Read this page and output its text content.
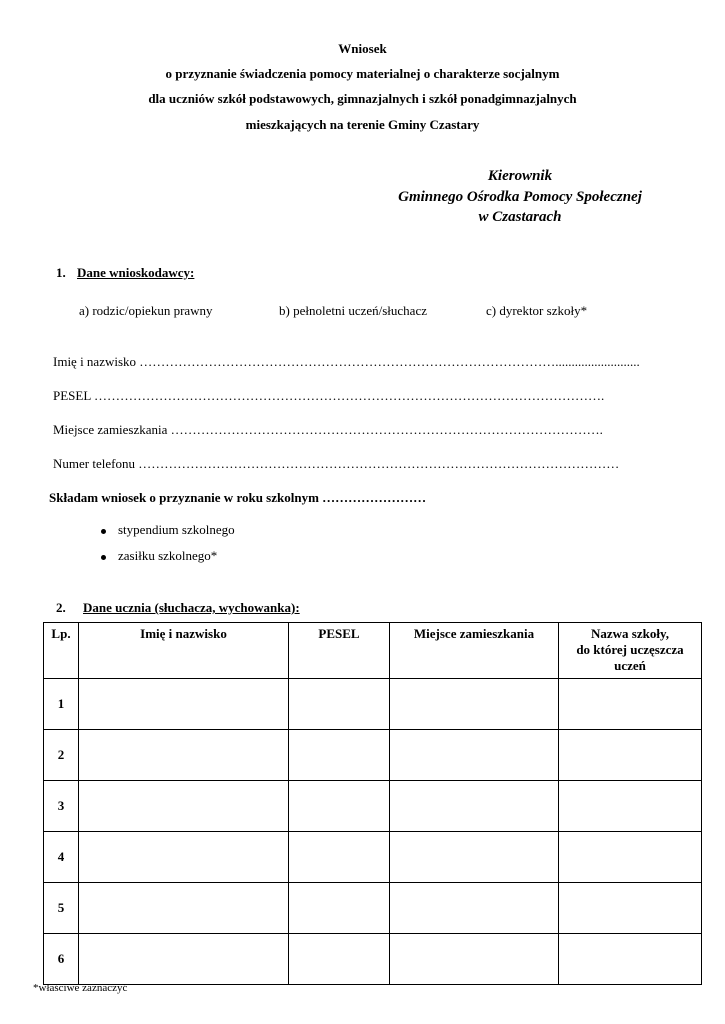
Wniosek
o przyznanie świadczenia pomocy materialnej o charakterze socjalnym
dla uczniów szkół podstawowych, gimnazjalnych i szkół ponadgimnazjalnych
mieszkających na terenie Gminy Czastary
Kierownik
Gminnego Ośrodka Pomocy Społecznej
w Czastarach
1. Dane wnioskodawcy:
a) rodzic/opiekun prawny	b) pełnoletni uczeń/słuchacz	c) dyrektor szkoły*
Imię i nazwisko ……………………………………………………………………………………..........................
PESEL ……………………………………………………………………………………………………….
Miejsce zamieszkania ……………………………………………………………………………………….
Numer telefonu …………………………………………………………………………………………………
Składam wniosek o przyznanie w roku szkolnym ……………………
stypendium szkolnego
zasiłku szkolnego*
2. Dane ucznia (słuchacza, wychowanka):
Lp.	Imię i nazwisko	PESEL	Miejsce zamieszkania	Nazwa szkoły,
do której uczęszcza
uczeń

1				
2				
3				
4				
5				
6				
*właściwe zaznaczyć
